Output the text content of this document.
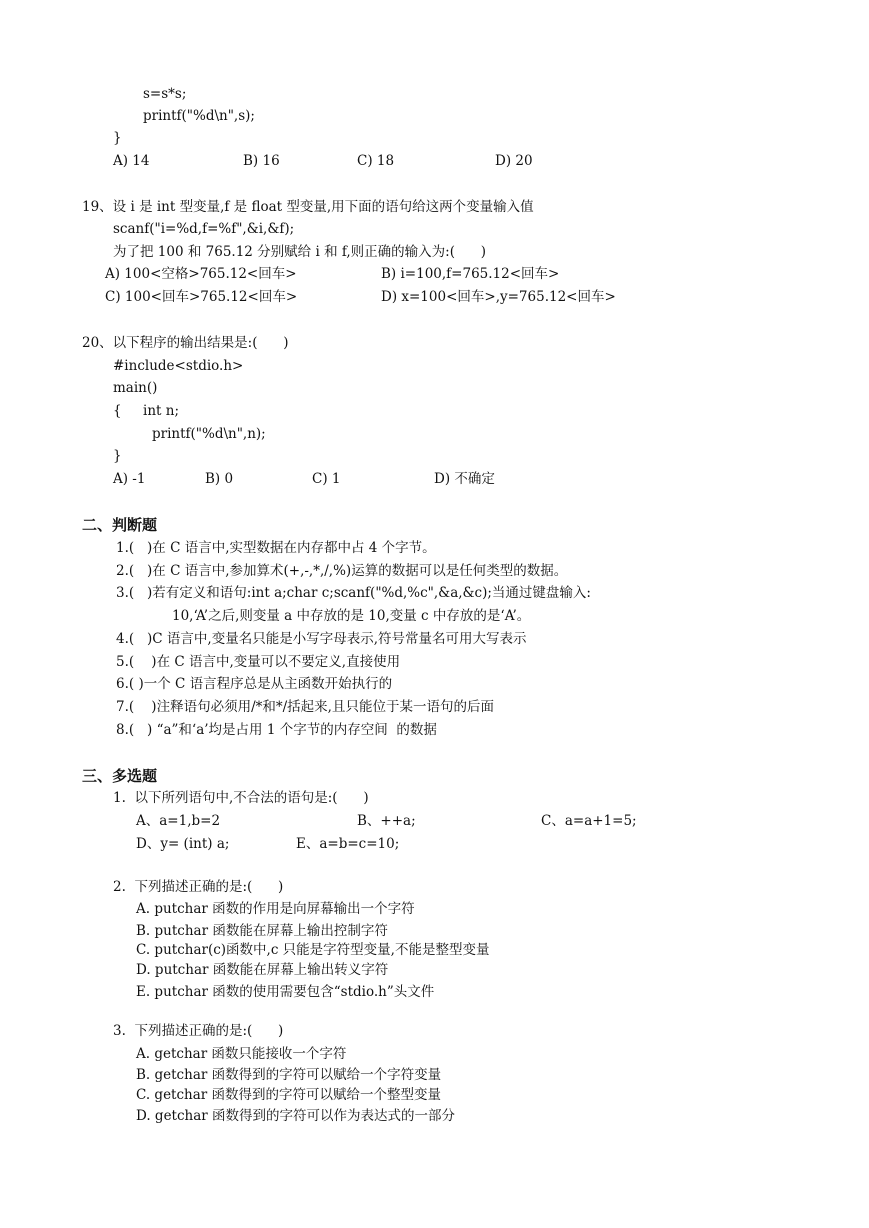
s=s*s;
printf("%d\n",s);
}
A) 14	B) 16	C) 18	D) 20
19、设 i 是 int 型变量,f 是 float 型变量,用下面的语句给这两个变量输入值
scanf("i=%d,f=%f",&i,&f);
为了把 100 和 765.12 分别赋给 i 和 f,则正确的输入为:(      )
A) 100<空格>765.12<回车>	B) i=100,f=765.12<回车>
C) 100<回车>765.12<回车>	D) x=100<回车>,y=765.12<回车>
20、以下程序的输出结果是:(      )
#include<stdio.h>
main()
{     int n;
printf("%d\n",n);
}
A) -1	B) 0	C) 1	D) 不确定
二、判断题
1.(   )在 C 语言中,实型数据在内存都中占 4 个字节。
2.(   )在 C 语言中,参加算术(+,-,*,/,%)运算的数据可以是任何类型的数据。
3.(   )若有定义和语句:int a;char c;scanf("%d,%c",&a,&c);当通过键盘输入:
10,‘A’之后,则变量 a 中存放的是 10,变量 c 中存放的是‘A’。
4.(   )C 语言中,变量名只能是小写字母表示,符号常量名可用大写表示
5.(    )在 C 语言中,变量可以不要定义,直接使用
6.( )一个 C 语言程序总是从主函数开始执行的
7.(    )注释语句必须用/*和*/括起来,且只能位于某一语句的后面
8.(   ) “a”和‘a’均是占用 1 个字节的内存空间  的数据
三、多选题
1.  以下所列语句中,不合法的语句是:(      )
A、a=1,b=2	B、++a;	C、a=a+1=5;
D、y= (int) a;	E、a=b=c=10;
2.  下列描述正确的是:(      )
A. putchar 函数的作用是向屏幕输出一个字符
B. putchar 函数能在屏幕上输出控制字符
C. putchar(c)函数中,c 只能是字符型变量,不能是整型变量
D. putchar 函数能在屏幕上输出转义字符
E. putchar 函数的使用需要包含“stdio.h”头文件
3.  下列描述正确的是:(      )
A. getchar 函数只能接收一个字符
B. getchar 函数得到的字符可以赋给一个字符变量
C. getchar 函数得到的字符可以赋给一个整型变量
D. getchar 函数得到的字符可以作为表达式的一部分
